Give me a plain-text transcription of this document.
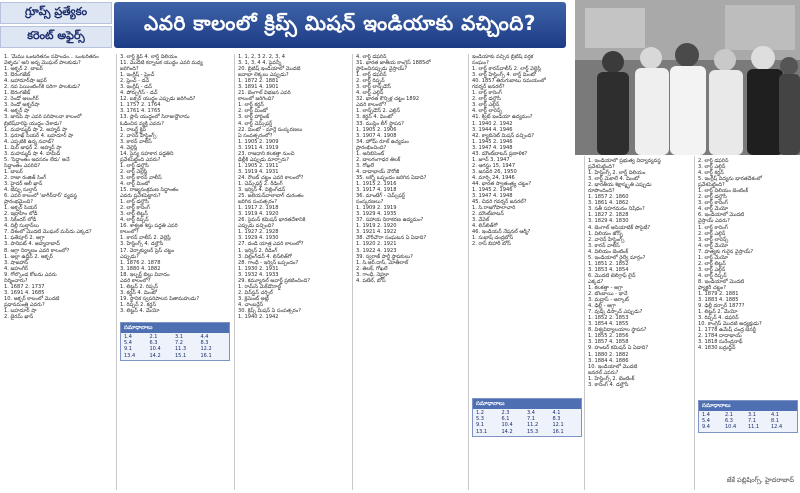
గ్రూప్స్ ప్రత్యేకం
కరెంట్ అఫైర్స్
ఎవరి కాలంలో క్రిప్స్ మిషన్ ఇండియాకు వచ్చింది?
1. 'మేము ఒంటరితనం సహించం... ఒంటరితనం
వెళ్ళదు' అని అన్న మొఘల్ పాలకుడు?
1. అక్బర్ 2. బాబర్
3. ఔరంగజేబ్
4. బహాదూర్‌షా జఫర్
2. నవ పెయింటింగ్‌కి సరిగా పాలకుడు?
1. ఔరంగజేబ్
2. రెండో అలంగీర్
3. రెండో అక్బర్‌షా
4. అక్బర్ షా
3. జానపీ షా ఎవరి పరిపాలనా కాలంలో
బ్రిటిష్‌వారిపై యుద్ధం చేశాడు?
1. మహమ్మద్ షా 2. అహ్మద్ షా
3. ఫరూఖ్ సియర్ 4. బహదూర్ షా
4. ఎప్పటికి ఉన్న నవాబ్?
1. మిర్ జాఫర్ 2. అహ్మద్ షా
3. మహమ్మద్ షా 4. హమీద్
5. 'సిద్ధాంతం అవసరం లేదు' అనే
సిద్ధాంతం ఎవరిది?
1. బాబర్
2. రాజా రంజిత్ సింగ్
3. హైదర్ అలీ ఖాన్
4. టిప్పు సుల్తాన్
6. ఎవరి కాలంలో 'జాగీర్‌దార్' వ్యవస్థ
ప్రారంభమైంది?
1. అక్బర్ సియర్
2. ఇబ్రాహీం లోడీ
3. సికిందర్ లోడీ
4. దిల్లీ సుల్తాన్‌లు
7. దేశంలో మొదటి మొఘల్ మసీదు ఎక్కడ?
1. ఫతేపూర్ 2. ఆగ్రా
3. పానిపట్ 4. అహ్మదాబాద్
8. ఆగ్రా నిర్మాణం ఎవరి కాలంలో?
1. అల్లా ఉద్దీన్ 2. అక్బర్
3. షాజహాన్
4. జహంగీర్
9. గోల్కొండ కోటను ఎవరు
నిర్మించారు?
1. 1687 2. 1737
3. 1691 4. 1685
10. అక్బర్ కాలంలో మొదటి
ప్రధానమంత్రి ఎవరు?
1. బహదూర్ షా
2. బైరమ్ ఖాన్
3. లార్డ్ క్లైవ్ 4. లార్డ్ విలియం
11. మొదటి కర్నాటక యుద్ధం ఎవరి మధ్య
జరిగింది?
1. ఇంగ్లీష్ - ఫ్రెంచ్
2. ఫ్రెంచ్ - డచ్
3. ఇంగ్లీష్ - డచ్
4. పోర్చుగీస్ - డచ్
12. బక్సర్ యుద్ధం ఎప్పుడు జరిగింది?
1. 1757 2. 1764
3. 1761 4. 1765
13. ప్లాసీ యుద్ధంలో సిరాజుద్దౌలాను
ఓడించిన వ్యక్తి ఎవరు?
1. రాబర్ట్ క్లైవ్
2. వారెన్ హేస్టింగ్స్
3. కారన్ వాలీస్
4. వెల్లెస్లీ
14. సైన్య సహకార పద్ధతిని
ప్రవేశపెట్టింది ఎవరు?
1. లార్డ్ డల్హౌసీ
2. లార్డ్ వెల్లెస్లీ
3. లార్డ్ కారన్ వాలీస్
4. లార్డ్ మింటో
15. రాజ్యసంక్రమణ సిద్ధాంతం
ఎవరు ప్రవేశపెట్టారు?
1. లార్డ్ డల్హౌసీ
2. లార్డ్ కానింగ్
3. లార్డ్ లిట్టన్
4. లార్డ్ రిప్పన్
16. శాశ్వత శిస్తు పద్ధతి ఎవరి
కాలంలో?
1. కారన్ వాలీస్ 2. వెల్లెస్లీ
3. హేస్టింగ్స్ 4. డల్హౌసీ
17. వెర్నాక్యులర్ ప్రెస్ చట్టం
ఎప్పుడు?
1. 1876 2. 1878
3. 1880 4. 1882
18. ఇల్బర్ట్ బిల్లు వివాదం
ఎవరి కాలంలో?
1. లిట్టన్ 2. రిప్పన్
3. కర్జన్ 4. మింటో
19. స్థానిక స్వపరిపాలన పితామహుడు?
1. రిప్పన్ 2. కర్జన్
3. లిట్టన్ 4. మేయో
1. 1, 2, 3 2. 2, 3, 4
3. 1, 3, 4 4. పైవన్నీ
20. బ్రిటిష్ ఇండియాలో మొదటి
జనాభా లెక్కలు ఎప్పుడు?
1. 1872 2. 1881
3. 1891 4. 1901
21. బెంగాల్ విభజన ఎవరి
కాలంలో జరిగింది?
1. లార్డ్ కర్జన్
2. లార్డ్ మింటో
3. లార్డ్ హార్డింజ్
4. లార్డ్ చెమ్స్‌ఫర్డ్
22. మింటో - మార్లే సంస్కరణలు
ఏ సంవత్సరంలో?
1. 1905 2. 1909
3. 1911 4. 1919
23. రాజధాని కలకత్తా నుంచి
ఢిల్లీకి ఎప్పుడు మార్చారు?
1. 1905 2. 1911
3. 1919 4. 1931
24. రౌలట్ చట్టం ఎవరి కాలంలో?
1. చెమ్స్‌ఫర్డ్ 2. రీడింగ్
3. ఇర్విన్ 4. విల్లింగ్‌డన్
25. జలియన్‌వాలాబాగ్ దురంతం
జరిగిన సంవత్సరం?
1. 1917 2. 1918
3. 1919 4. 1920
26. సైమన్ కమిషన్ భారతదేశానికి
ఎప్పుడు వచ్చింది?
1. 1927 2. 1928
3. 1929 4. 1930
27. దండి యాత్ర ఎవరి కాలంలో?
1. ఇర్విన్ 2. రీడింగ్
3. విల్లింగ్‌డన్ 4. లిన్‌లిత్‌గో
28. గాంధీ - ఇర్విన్ ఒప్పందం?
1. 1930 2. 1931
3. 1932 4. 1933
29. కమ్యూనల్ అవార్డ్ ప్రకటించింది?
1. రామ్‌సే మెక్‌డొనాల్డ్
2. విన్‌స్టన్ చర్చిల్
3. క్లెమెంట్ అట్లీ
4. చాంబర్లేన్
30. క్రిప్స్ మిషన్ ఏ సంవత్సరం?
1. 1940 2. 1942
4. లార్డ్ డఫరిన్
31. భారత జాతీయ కాంగ్రెస్ 1885లో
స్థాపించినప్పుడు వైస్రాయ్?
1. లార్డ్ డఫరిన్
2. లార్డ్ రిప్పన్
3. లార్డ్ లాన్స్‌డౌన్
4. లార్డ్ ఎల్గిన్
32. భారత కౌన్సిళ్ల చట్టం 1892
ఎవరి కాలంలో?
1. లాన్స్‌డౌన్ 2. ఎల్గిన్
3. కర్జన్ 4. మింటో
33. ముస్లిం లీగ్ స్థాపన?
1. 1905 2. 1906
3. 1907 4. 1908
34. హోమ్ రూల్ ఉద్యమం
ప్రారంభించింది?
1. అనిబిసెంట్
2. బాలగంగాధర తిలక్
3. గోఖలే
4. దాదాభాయ్ నౌరోజీ
35. లక్నో ఒప్పందం జరిగిన ఏడాది?
1. 1915 2. 1916
3. 1917 4. 1918
36. మాంటేగ్ - చెమ్స్‌ఫర్డ్
సంస్కరణలు?
1. 1909 2. 1919
3. 1929 4. 1935
37. సహాయ నిరాకరణ ఉద్యమం?
1. 1919 2. 1920
3. 1921 4. 1922
38. చౌరీచౌరా సంఘటన ఏ ఏడాది?
1. 1920 2. 1921
3. 1922 4. 1923
39. స్వరాజ్ పార్టీ స్థాపకులు?
1. సి.ఆర్.దాస్, మోతీలాల్
2. తిలక్, గోఖలే
3. గాంధీ, నెహ్రూ
4. పటేల్, బోస్
ఇండియాకు వచ్చిన బ్రిటిష్ వర్తక
సంఘం?
1. లార్డ్ కారన్‌వాలీస్ 2. లార్డ్ వెల్లెస్లీ
3. లార్డ్ హేస్టింగ్స్ 4. లార్డ్ మింటో
40. 1857 తిరుగుబాటు సమయంలో
గవర్నర్ జనరల్?
1. లార్డ్ కానింగ్
2. లార్డ్ డల్హౌసీ
3. లార్డ్ ఎల్గిన్
4. లార్డ్ లారెన్స్
41. క్విట్ ఇండియా ఉద్యమం?
1. 1940 2. 1942
3. 1944 4. 1946
42. క్యాబినెట్ మిషన్ వచ్చింది?
1. 1945 2. 1946
3. 1947 4. 1948
43. మౌంట్‌బాటన్ ప్రణాళిక?
1. జూన్ 3, 1947
2. ఆగస్టు 15, 1947
3. జనవరి 26, 1950
4. మార్చి 24, 1946
44. భారత స్వాతంత్ర్య చట్టం?
1. 1945 2. 1946
3. 1947 4. 1948
45. చివరి గవర్నర్ జనరల్?
1. సి.రాజగోపాలాచారి
2. మౌంట్‌బాటన్
3. వేవెల్
4. లిన్‌లిత్‌గో
46. ఇండియన్ నేషనల్ ఆర్మీ?
1. సుభాష్ చంద్రబోస్
2. రాస్ బిహారీ బోస్
1. ఇండియాలో ప్రభుత్వ విద్యావ్యవస్థ
ప్రవేశపెట్టింది?
1. హేస్టింగ్స్ 2. లార్డ్ విలియం
3. లార్డ్ మెకాలే 4. మింటో
2. భారతీయ శిక్షాస్మృతి ఎప్పుడు
రూపొందింది?
1. 1857 2. 1860
3. 1861 4. 1862
3. సతీ సహగమనం నిషేధం?
1. 1827 2. 1828
3. 1829 4. 1830
4. బెంగాల్ ఆసియాటిక్ సొసైటీ?
1. విలియం జోన్స్
2. వారెన్ హేస్టింగ్స్
3. కారన్ వాలీస్
4. విలియం బెంటింక్
5. ఇండియాలో రైల్వే మార్గం?
1. 1851 2. 1852
3. 1853 4. 1854
6. మొదటి టెలిగ్రాఫ్ లైన్
ఎక్కడ?
1. కలకత్తా - ఆగ్రా
2. బొంబాయి - థానే
3. మద్రాస్ - ఆర్కాట్
4. ఢిల్లీ - ఆగ్రా
7. వుడ్స్ డిస్పాచ్ ఎప్పుడు?
1. 1852 2. 1853
3. 1854 4. 1855
8. విశ్వవిద్యాలయాల స్థాపన?
1. 1855 2. 1856
3. 1857 4. 1858
9. హంటర్ కమిషన్ ఏ ఏడాది?
1. 1880 2. 1882
3. 1884 4. 1886
10. ఇండియాలో మొదటి
జనరల్ ఎవరు?
1. హేస్టింగ్స్ 2. బెంటింక్
3. కానింగ్ 4. డల్హౌసీ
2. లార్డ్ డఫరిన్
3. లార్డ్ ఎల్గిన్
4. లార్డ్ కర్జన్
5. ఇంగ్లీష్ విద్యను భారతదేశంలో
ప్రవేశపెట్టింది?
1. లార్డ్ విలియం బెంటింక్
2. లార్డ్ డల్హౌసీ
3. లార్డ్ కానింగ్
4. లార్డ్ మేయో
6. ఇండియాలో మొదటి
వైస్రాయ్ ఎవరు?
1. లార్డ్ కానింగ్
2. లార్డ్ ఎల్గిన్
3. లార్డ్ లారెన్స్
4. లార్డ్ మేయో
7. హత్యకు గురైన వైస్రాయ్?
1. లార్డ్ మేయో
2. లార్డ్ లిట్టన్
3. లార్డ్ ఎల్గిన్
4. లార్డ్ రిప్పన్
8. ఇండియాలో మొదటి
ఫ్యాక్టరీ చట్టం?
1. 1879 2. 1881
3. 1883 4. 1885
9. ఢిల్లీ దర్బార్ 1877?
1. లిట్టన్ 2. మేయో
3. రిప్పన్ 4. డఫరిన్
10. కాంగ్రెస్ మొదటి అధ్యక్షుడు?
1. 1778 ఉమేష్ చంద్ర బెనర్జీ
2. 1784 దాదాభాయ్
3. 1818 సురేంద్రనాథ్
4. 1830 బద్రుద్దీన్
సమాధానాలు
1.4	2.1	3.1	4.4
5.4	6.3	7.2	8.3
9.1	10.4	11.3	12.2
13.4	14.2	15.1	16.1
సమాధానాలు
1.2	2.3	3.4	4.1
5.3	6.1	7.1	8.3
9.1	10.4	11.2	12.1
13.1	14.2	15.3	16.1
సమాధానాలు
1.4	2.1	3.1	4.1
5.4	6.3	7.1	8.1
9.4	10.4	11.1	12.4
జేకే పబ్లిషింగ్స్, హైదరాబాద్
